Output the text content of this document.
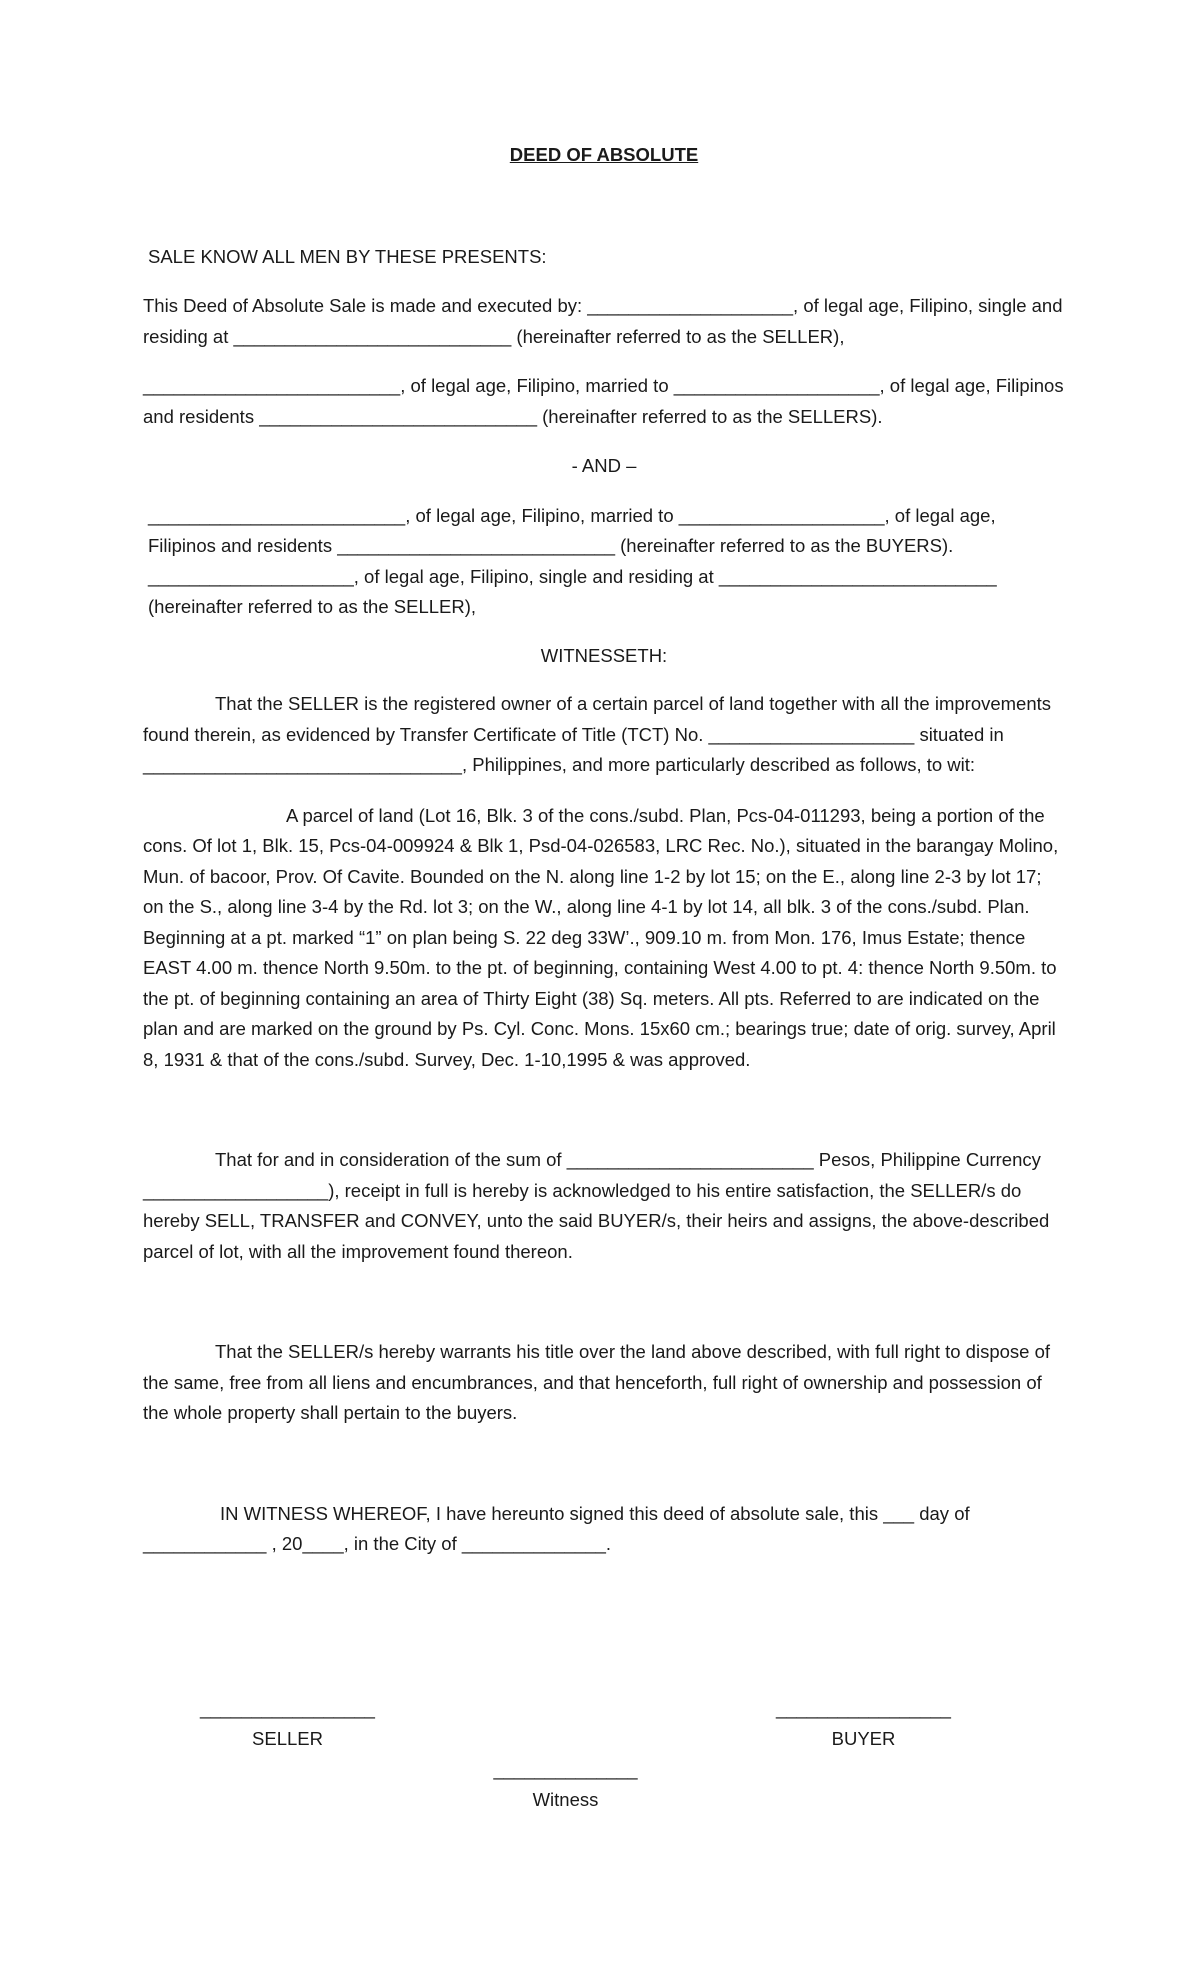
DEED OF ABSOLUTE

SALE KNOW ALL MEN BY THESE PRESENTS:

This Deed of Absolute Sale is made and executed by: ____________________, of legal age, Filipino, single and residing at ___________________________ (hereinafter referred to as the SELLER),

_________________________, of legal age, Filipino, married to ____________________, of legal age, Filipinos and residents ___________________________ (hereinafter referred to as the SELLERS).

- AND –

_________________________, of legal age, Filipino, married to ____________________, of legal age, Filipinos and residents ___________________________ (hereinafter referred to as the BUYERS). ____________________, of legal age, Filipino, single and residing at ___________________________ (hereinafter referred to as the SELLER),

WITNESSETH:

That the SELLER is the registered owner of a certain parcel of land together with all the improvements found therein, as evidenced by Transfer Certificate of Title (TCT) No. ____________________ situated in _______________________________, Philippines, and more particularly described as follows, to wit:

A parcel of land (Lot 16, Blk. 3 of the cons./subd. Plan, Pcs-04-011293, being a portion of the cons. Of lot 1, Blk. 15, Pcs-04-009924 & Blk 1, Psd-04-026583, LRC Rec. No.), situated in the barangay Molino, Mun. of bacoor, Prov. Of Cavite. Bounded on the N. along line 1-2 by lot 15; on the E., along line 2-3 by lot 17; on the S., along line 3-4 by the Rd. lot 3; on the W., along line 4-1 by lot 14, all blk. 3 of the cons./subd. Plan. Beginning at a pt. marked “1” on plan being S. 22 deg 33W’., 909.10 m. from Mon. 176, Imus Estate; thence EAST 4.00 m. thence North 9.50m. to the pt. of beginning, containing West 4.00 to pt. 4: thence North 9.50m. to the pt. of beginning containing an area of Thirty Eight (38) Sq. meters. All pts. Referred to are indicated on the plan and are marked on the ground by Ps. Cyl. Conc. Mons. 15x60 cm.; bearings true; date of orig. survey, April 8, 1931 & that of the cons./subd. Survey, Dec. 1-10,1995 & was approved.

That for and in consideration of the sum of ________________________ Pesos, Philippine Currency __________________), receipt in full is hereby is acknowledged to his entire satisfaction, the SELLER/s do hereby SELL, TRANSFER and CONVEY, unto the said BUYER/s, their heirs and assigns, the above-described parcel of lot, with all the improvement found thereon.

That the SELLER/s hereby warrants his title over the land above described, with full right to dispose of the same, free from all liens and encumbrances, and that henceforth, full right of ownership and possession of the whole property shall pertain to the buyers.

IN WITNESS WHEREOF, I have hereunto signed this deed of absolute sale, this ___ day of ____________ , 20____, in the City of ______________.

_________________
SELLER
_________________
BUYER
______________
Witness
